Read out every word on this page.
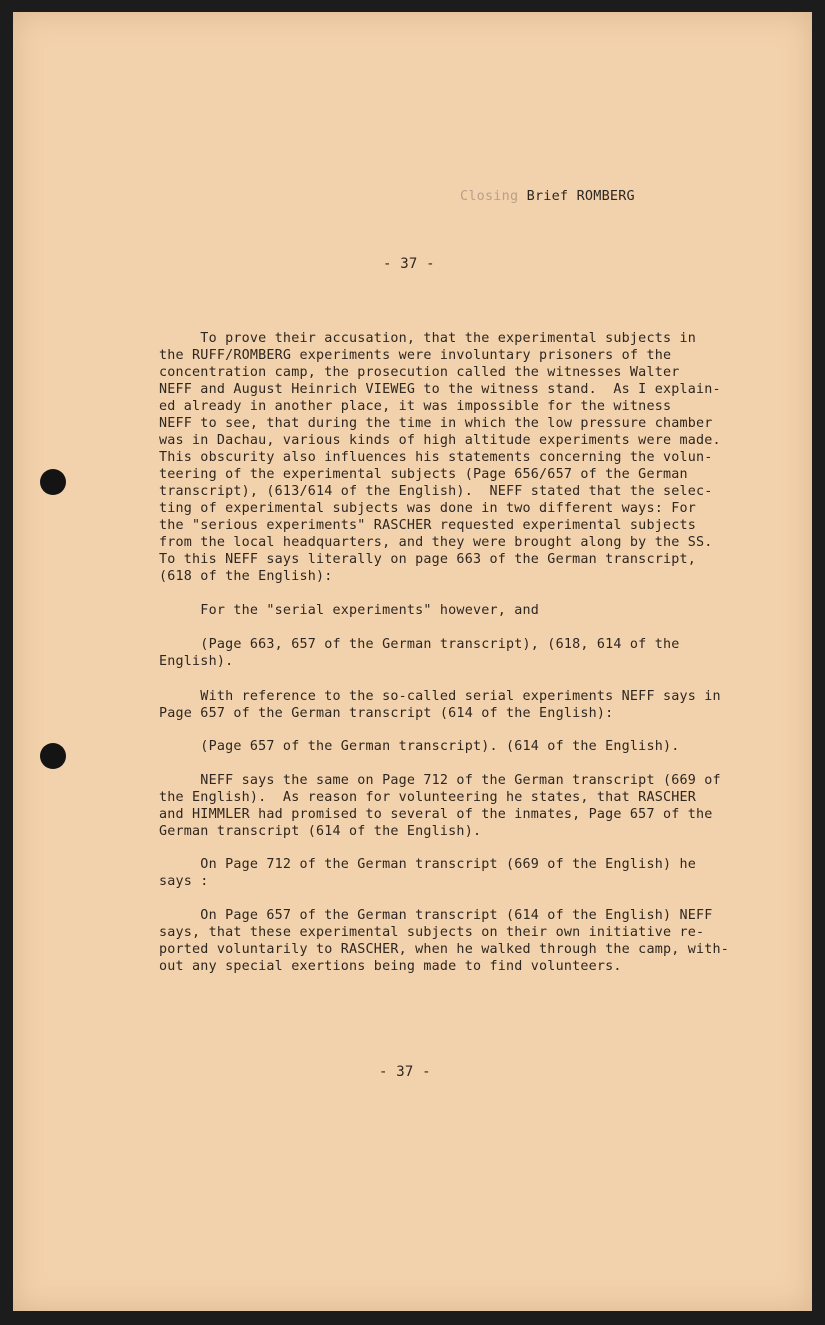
Closing Brief ROMBERG
- 37 -
To prove their accusation, that the experimental subjects in
the RUFF/ROMBERG experiments were involuntary prisoners of the
concentration camp, the prosecution called the witnesses Walter
NEFF and August Heinrich VIEWEG to the witness stand.  As I explain-
ed already in another place, it was impossible for the witness
NEFF to see, that during the time in which the low pressure chamber
was in Dachau, various kinds of high altitude experiments were made.
This obscurity also influences his statements concerning the volun-
teering of the experimental subjects (Page 656/657 of the German
transcript), (613/614 of the English).  NEFF stated that the selec-
ting of experimental subjects was done in two different ways: For
the "serious experiments" RASCHER requested experimental subjects
from the local headquarters, and they were brought along by the SS.
To this NEFF says literally on page 663 of the German transcript,
(618 of the English):
For the "serial experiments" however, and
(Page 663, 657 of the German transcript), (618, 614 of the
English).
With reference to the so-called serial experiments NEFF says in
Page 657 of the German transcript (614 of the English):
(Page 657 of the German transcript). (614 of the English).
NEFF says the same on Page 712 of the German transcript (669 of
the English).  As reason for volunteering he states, that RASCHER
and HIMMLER had promised to several of the inmates, Page 657 of the
German transcript (614 of the English).
On Page 712 of the German transcript (669 of the English) he
says :
On Page 657 of the German transcript (614 of the English) NEFF
says, that these experimental subjects on their own initiative re-
ported voluntarily to RASCHER, when he walked through the camp, with-
out any special exertions being made to find volunteers.
- 37 -
